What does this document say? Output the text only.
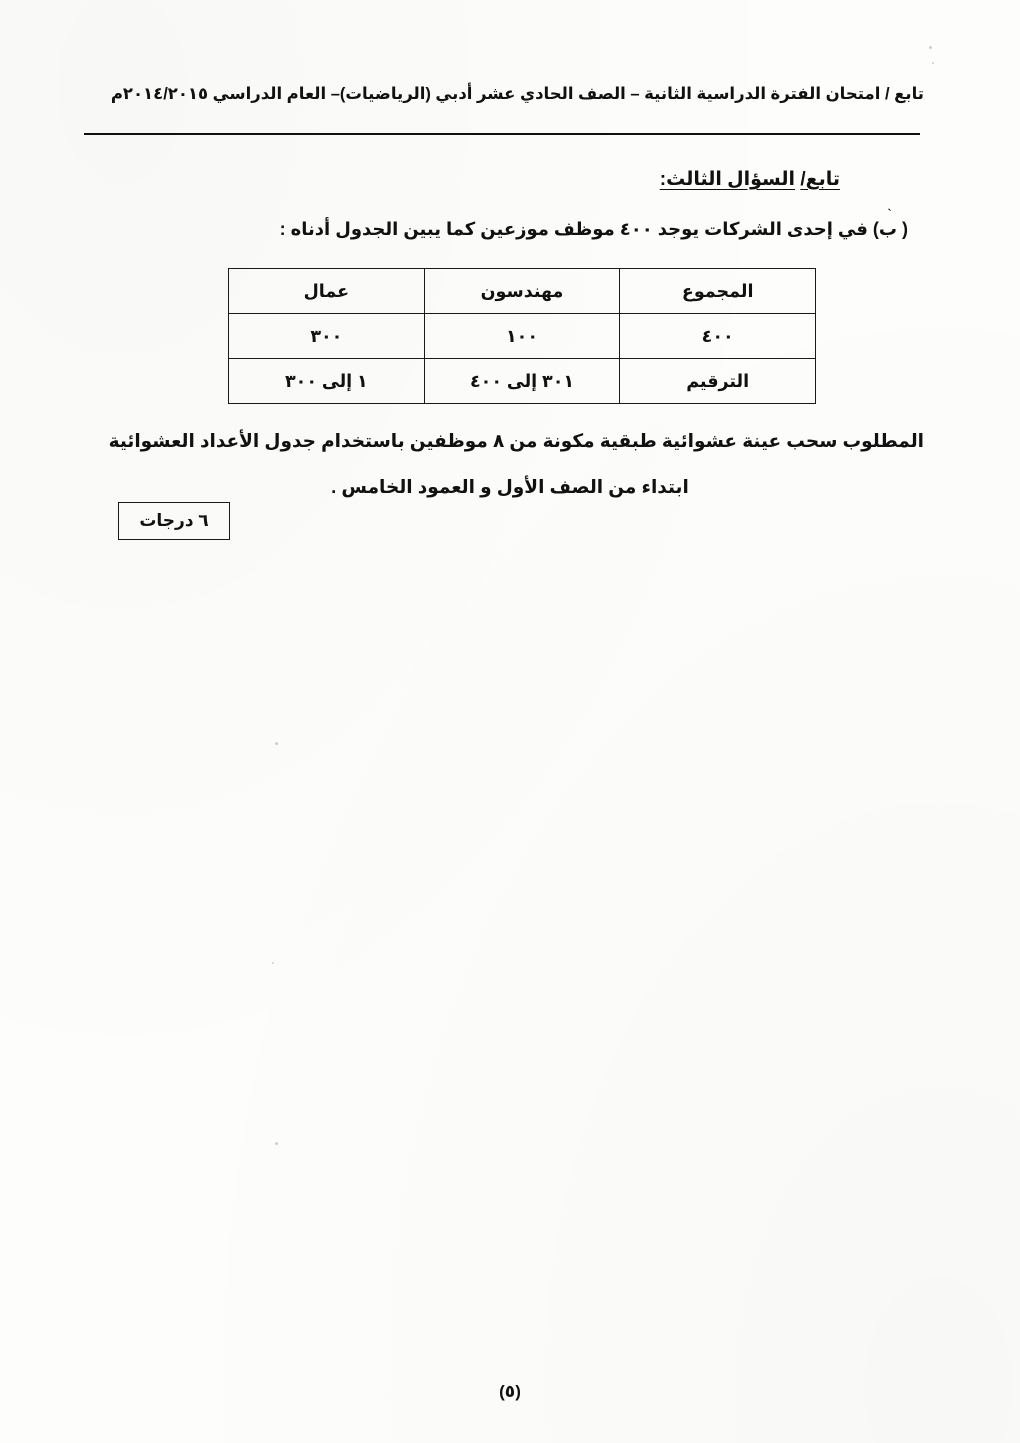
تابع / امتحان الفترة الدراسية الثانية – الصف الحادي عشر أدبي (الرياضيات)– العام الدراسي ٢٠١٤/٢٠١٥م
تابع/ السؤال الثالث:
`
( ب) في إحدى الشركات يوجد ٤٠٠ موظف موزعين كما يبين الجدول أدناه :
المجموع	مهندسون	عمال
٤٠٠	١٠٠	٣٠٠
الترقيم	٣٠١ إلى ٤٠٠	١ إلى ٣٠٠
المطلوب سحب عينة عشوائية طبقية مكونة من ٨ موظفين باستخدام جدول الأعداد العشوائية
ابتداء من الصف الأول و العمود الخامس .
٦ درجات
(٥)
